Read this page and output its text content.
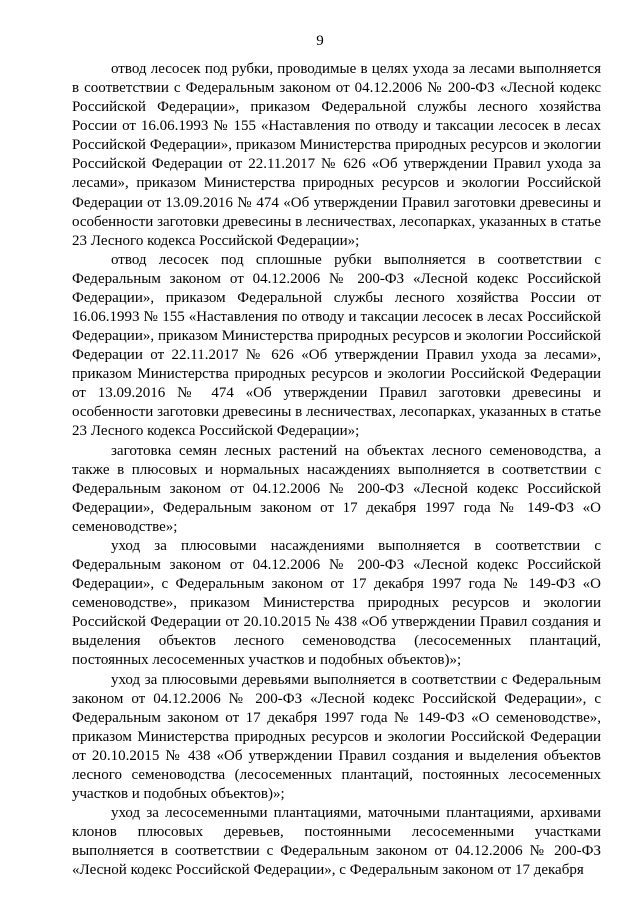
9

отвод лесосек под рубки, проводимые в целях ухода за лесами выполняется в соответствии с Федеральным законом от 04.12.2006 № 200-ФЗ «Лесной кодекс Российской Федерации», приказом Федеральной службы лесного хозяйства России от 16.06.1993 № 155 «Наставления по отводу и таксации лесосек в лесах Российской Федерации», приказом Министерства природных ресурсов и экологии Российской Федерации от 22.11.2017 № 626 «Об утверждении Правил ухода за лесами», приказом Министерства природных ресурсов и экологии Российской Федерации от 13.09.2016 № 474 «Об утверждении Правил заготовки древесины и особенности заготовки древесины в лесничествах, лесопарках, указанных в статье 23 Лесного кодекса Российской Федерации»;

отвод лесосек под сплошные рубки выполняется в соответствии с Федеральным законом от 04.12.2006 № 200-ФЗ «Лесной кодекс Российской Федерации», приказом Федеральной службы лесного хозяйства России от 16.06.1993 № 155 «Наставления по отводу и таксации лесосек в лесах Российской Федерации», приказом Министерства природных ресурсов и экологии Российской Федерации от 22.11.2017 № 626 «Об утверждении Правил ухода за лесами», приказом Министерства природных ресурсов и экологии Российской Федерации от 13.09.2016 № 474 «Об утверждении Правил заготовки древесины и особенности заготовки древесины в лесничествах, лесопарках, указанных в статье 23 Лесного кодекса Российской Федерации»;

заготовка семян лесных растений на объектах лесного семеноводства, а также в плюсовых и нормальных насаждениях выполняется в соответствии с Федеральным законом от 04.12.2006 № 200-ФЗ «Лесной кодекс Российской Федерации», Федеральным законом от 17 декабря 1997 года № 149-ФЗ «О семеноводстве»;

уход за плюсовыми насаждениями выполняется в соответствии с Федеральным законом от 04.12.2006 № 200-ФЗ «Лесной кодекс Российской Федерации», с Федеральным законом от 17 декабря 1997 года № 149-ФЗ «О семеноводстве», приказом Министерства природных ресурсов и экологии Российской Федерации от 20.10.2015 № 438 «Об утверждении Правил создания и выделения объектов лесного семеноводства (лесосеменных плантаций, постоянных лесосеменных участков и подобных объектов)»;

уход за плюсовыми деревьями выполняется в соответствии с Федеральным законом от 04.12.2006 № 200-ФЗ «Лесной кодекс Российской Федерации», с Федеральным законом от 17 декабря 1997 года № 149-ФЗ «О семеноводстве», приказом Министерства природных ресурсов и экологии Российской Федерации от 20.10.2015 № 438 «Об утверждении Правил создания и выделения объектов лесного семеноводства (лесосеменных плантаций, постоянных лесосеменных участков и подобных объектов)»;

уход за лесосеменными плантациями, маточными плантациями, архивами клонов плюсовых деревьев, постоянными лесосеменными участками выполняется в соответствии с Федеральным законом от 04.12.2006 № 200-ФЗ «Лесной кодекс Российской Федерации», с Федеральным законом от 17 декабря
